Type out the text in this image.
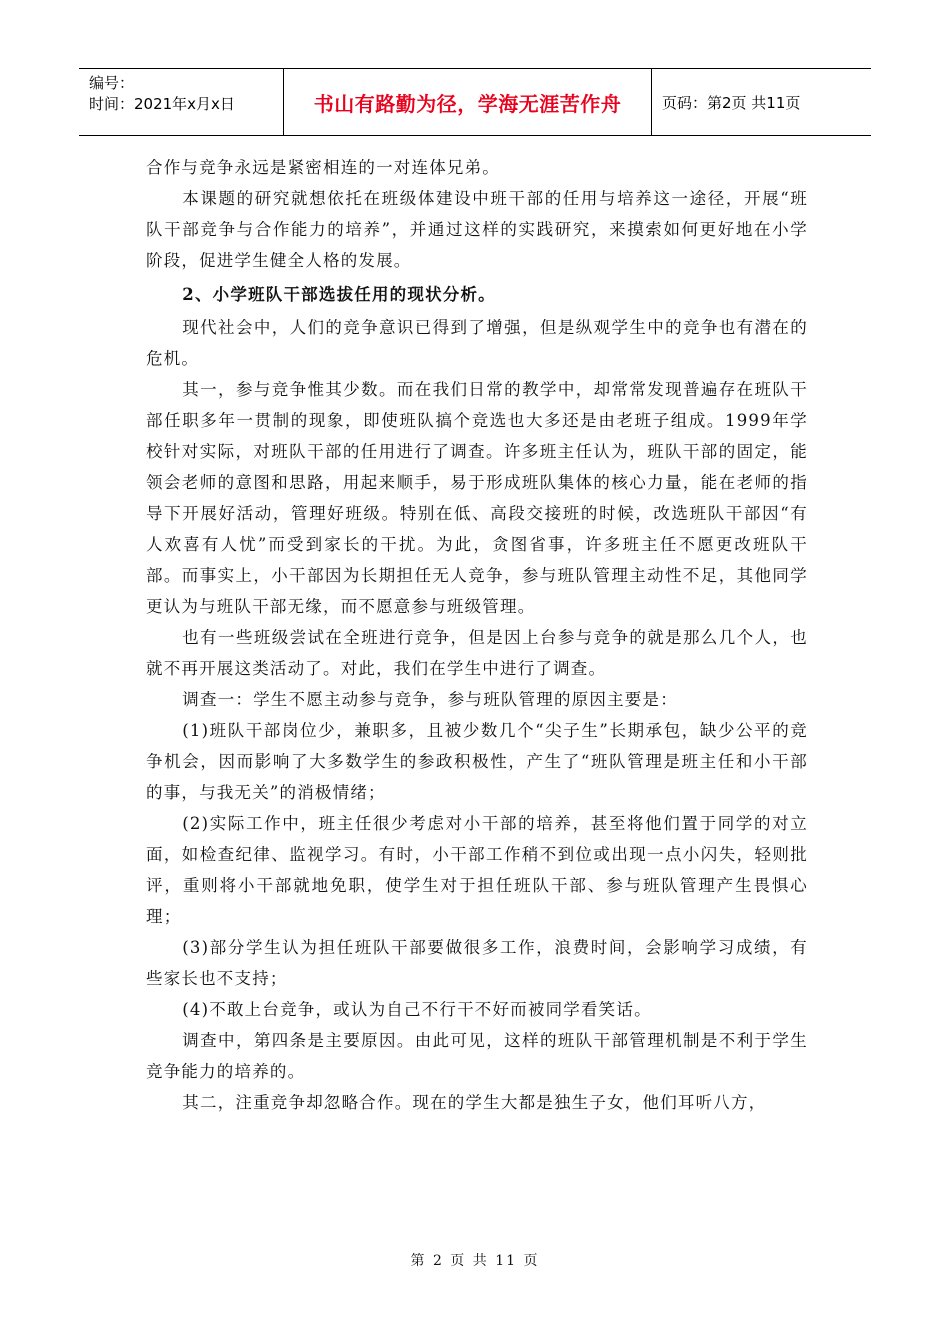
编号：
时间：2021年x月x日	书山有路勤为径，学海无涯苦作舟	页码：第2页 共11页

合作与竞争永远是紧密相连的一对连体兄弟。

本课题的研究就想依托在班级体建设中班干部的任用与培养这一途径，开展“班队干部竞争与合作能力的培养”，并通过这样的实践研究，来摸索如何更好地在小学阶段，促进学生健全人格的发展。

2、小学班队干部选拔任用的现状分析。

现代社会中，人们的竞争意识已得到了增强，但是纵观学生中的竞争也有潜在的危机。

其一，参与竞争惟其少数。而在我们日常的教学中，却常常发现普遍存在班队干部任职多年一贯制的现象，即使班队搞个竞选也大多还是由老班子组成。1999年学校针对实际，对班队干部的任用进行了调查。许多班主任认为，班队干部的固定，能领会老师的意图和思路，用起来顺手，易于形成班队集体的核心力量，能在老师的指导下开展好活动，管理好班级。特别在低、高段交接班的时候，改选班队干部因“有人欢喜有人忧”而受到家长的干扰。为此，贪图省事，许多班主任不愿更改班队干部。而事实上，小干部因为长期担任无人竞争，参与班队管理主动性不足，其他同学更认为与班队干部无缘，而不愿意参与班级管理。

也有一些班级尝试在全班进行竞争，但是因上台参与竞争的就是那么几个人，也就不再开展这类活动了。对此，我们在学生中进行了调查。

调查一：学生不愿主动参与竞争，参与班队管理的原因主要是：

(1)班队干部岗位少，兼职多，且被少数几个“尖子生”长期承包，缺少公平的竞争机会，因而影响了大多数学生的参政积极性，产生了“班队管理是班主任和小干部的事，与我无关”的消极情绪；

(2)实际工作中，班主任很少考虑对小干部的培养，甚至将他们置于同学的对立面，如检查纪律、监视学习。有时，小干部工作稍不到位或出现一点小闪失，轻则批评，重则将小干部就地免职，使学生对于担任班队干部、参与班队管理产生畏惧心理；

(3)部分学生认为担任班队干部要做很多工作，浪费时间，会影响学习成绩，有些家长也不支持；

(4)不敢上台竞争，或认为自己不行干不好而被同学看笑话。

调查中，第四条是主要原因。由此可见，这样的班队干部管理机制是不利于学生竞争能力的培养的。

其二，注重竞争却忽略合作。现在的学生大都是独生子女，他们耳听八方，

第 2 页 共 11 页
